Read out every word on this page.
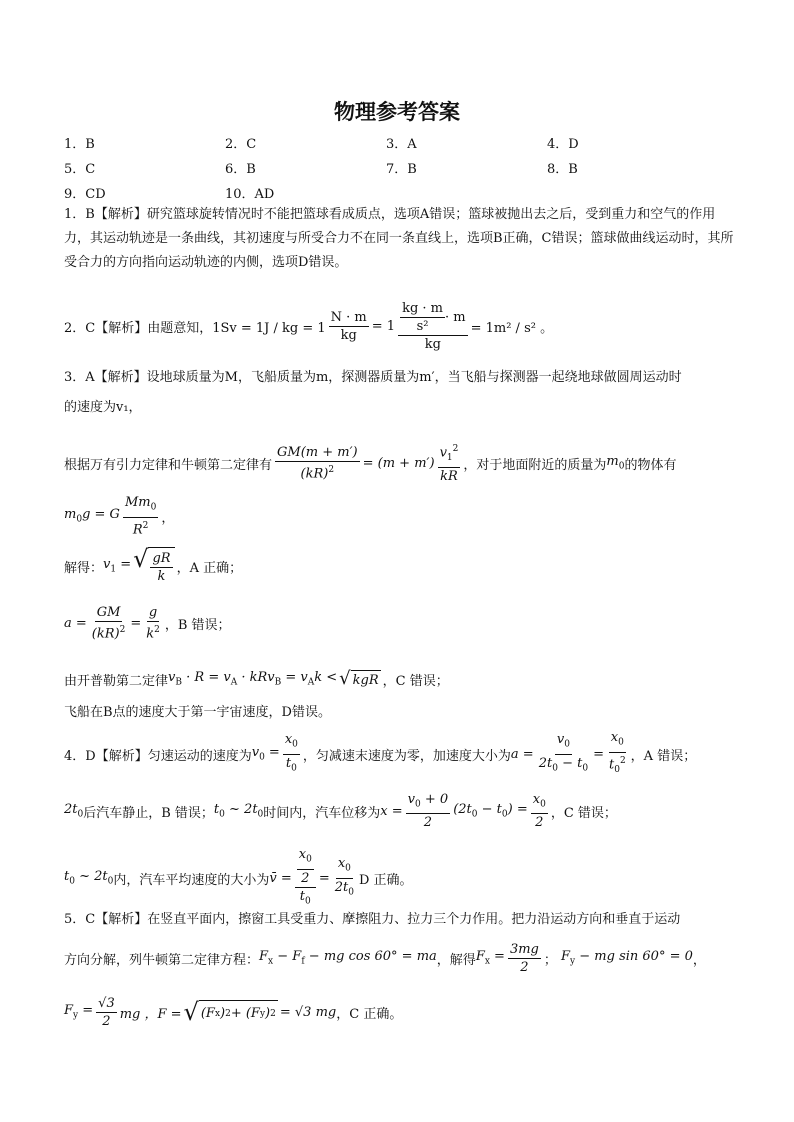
物理参考答案
1．B	2．C	3．A	4．D
5．C	6．B	7．B	8．B
9．CD	10．AD
1．B【解析】研究篮球旋转情况时不能把篮球看成质点，选项A错误；篮球被抛出去之后，受到重力和空气的作用力，其运动轨迹是一条曲线，其初速度与所受合力不在同一条直线上，选项B正确，C错误；篮球做曲线运动时，其所受合力的方向指向运动轨迹的内侧，选项D错误。
2．C【解析】由题意知，1Sv = 1J / kg = $1 \frac{N \cdot m}{kg} = 1 \frac{\frac{kg \cdot m}{\text{s²}} \cdot m}{kg} = 1m^2 / s^2$ 。
3．A【解析】设地球质量为M，飞船质量为m，探测器质量为m′，当飞船与探测器一起绕地球做圆周运动时
的速度为v₁，
根据万有引力定律和牛顿第二定律有 $\frac{GM(m + m')}{(kR)^2} = (m + m') \frac{v_1^2}{kR}$ ，对于地面附近的质量为 $m_0$ 的物体有
$m_0g = G \frac{Mm_0}{R^2}$ ，
解得： $v_1$ = √ $\frac{gR}{k}$ ，A 正确；
$a = \frac{GM}{(kR)^2} = \frac{g}{k^2}$ ，B 错误；
由开普勒第二定律 $v_B \cdot R = v_A \cdot kRv_B = v_Ak$ < √ kgR ，C 错误；
飞船在B点的速度大于第一宇宙速度，D错误。
4．D【解析】匀速运动的速度为 $v_0 = \frac{x_0}{t_0}$ ，匀减速末速度为零，加速度大小为 $a = \frac{v_0}{2t_0 - t_0} = \frac{x_0}{t_0^2}$ ，A 错误；
$2t_0$ 后汽车静止，B 错误； $t_0$ ~ $2t_0$ 时间内，汽车位移为 $x = \frac{v_0 + 0}{2} (2t_0 - t_0) = \frac{x_0}{2}$ ，C 错误；
$t_0$ ~ $2t_0$ 内，汽车平均速度的大小为 v̄ = $\frac{\frac{x_0}{2}}{t_0} = \frac{x_0}{2t_0}$ D 正确。
5．C【解析】在竖直平面内，擦窗工具受重力、摩擦阻力、拉力三个力作用。把力沿运动方向和垂直于运动
方向分解，列牛顿第二定律方程： $F_x - F_f$ − mg cos 60° = ma ，解得 $F_x = \frac{3mg}{2}$ ； $F_y$ − mg sin 60° = 0 ，
$F_y = \frac{√3}{2}$ mg ，F = √ (F x ) 2 + (F y ) 2 = √3 mg ，C 正确。
